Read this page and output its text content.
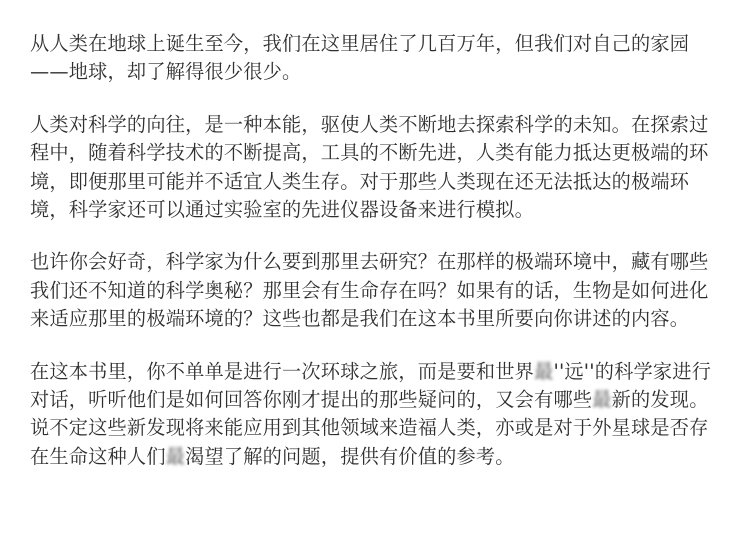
从人类在地球上诞生至今，我们在这里居住了几百万年，但我们对自己的家园——地球，却了解得很少很少。

人类对科学的向往，是一种本能，驱使人类不断地去探索科学的未知。在探索过程中，随着科学技术的不断提高，工具的不断先进，人类有能力抵达更极端的环境，即便那里可能并不适宜人类生存。对于那些人类现在还无法抵达的极端环境，科学家还可以通过实验室的先进仪器设备来进行模拟。

也许你会好奇，科学家为什么要到那里去研究？在那样的极端环境中，藏有哪些我们还不知道的科学奥秘？那里会有生命存在吗？如果有的话，生物是如何进化来适应那里的极端环境的？这些也都是我们在这本书里所要向你讲述的内容。

在这本书里，你不单单是进行一次环球之旅，而是要和世界最''远''的科学家进行对话，听听他们是如何回答你刚才提出的那些疑问的，又会有哪些最新的发现。说不定这些新发现将来能应用到其他领域来造福人类，亦或是对于外星球是否存在生命这种人们最渴望了解的问题，提供有价值的参考。
